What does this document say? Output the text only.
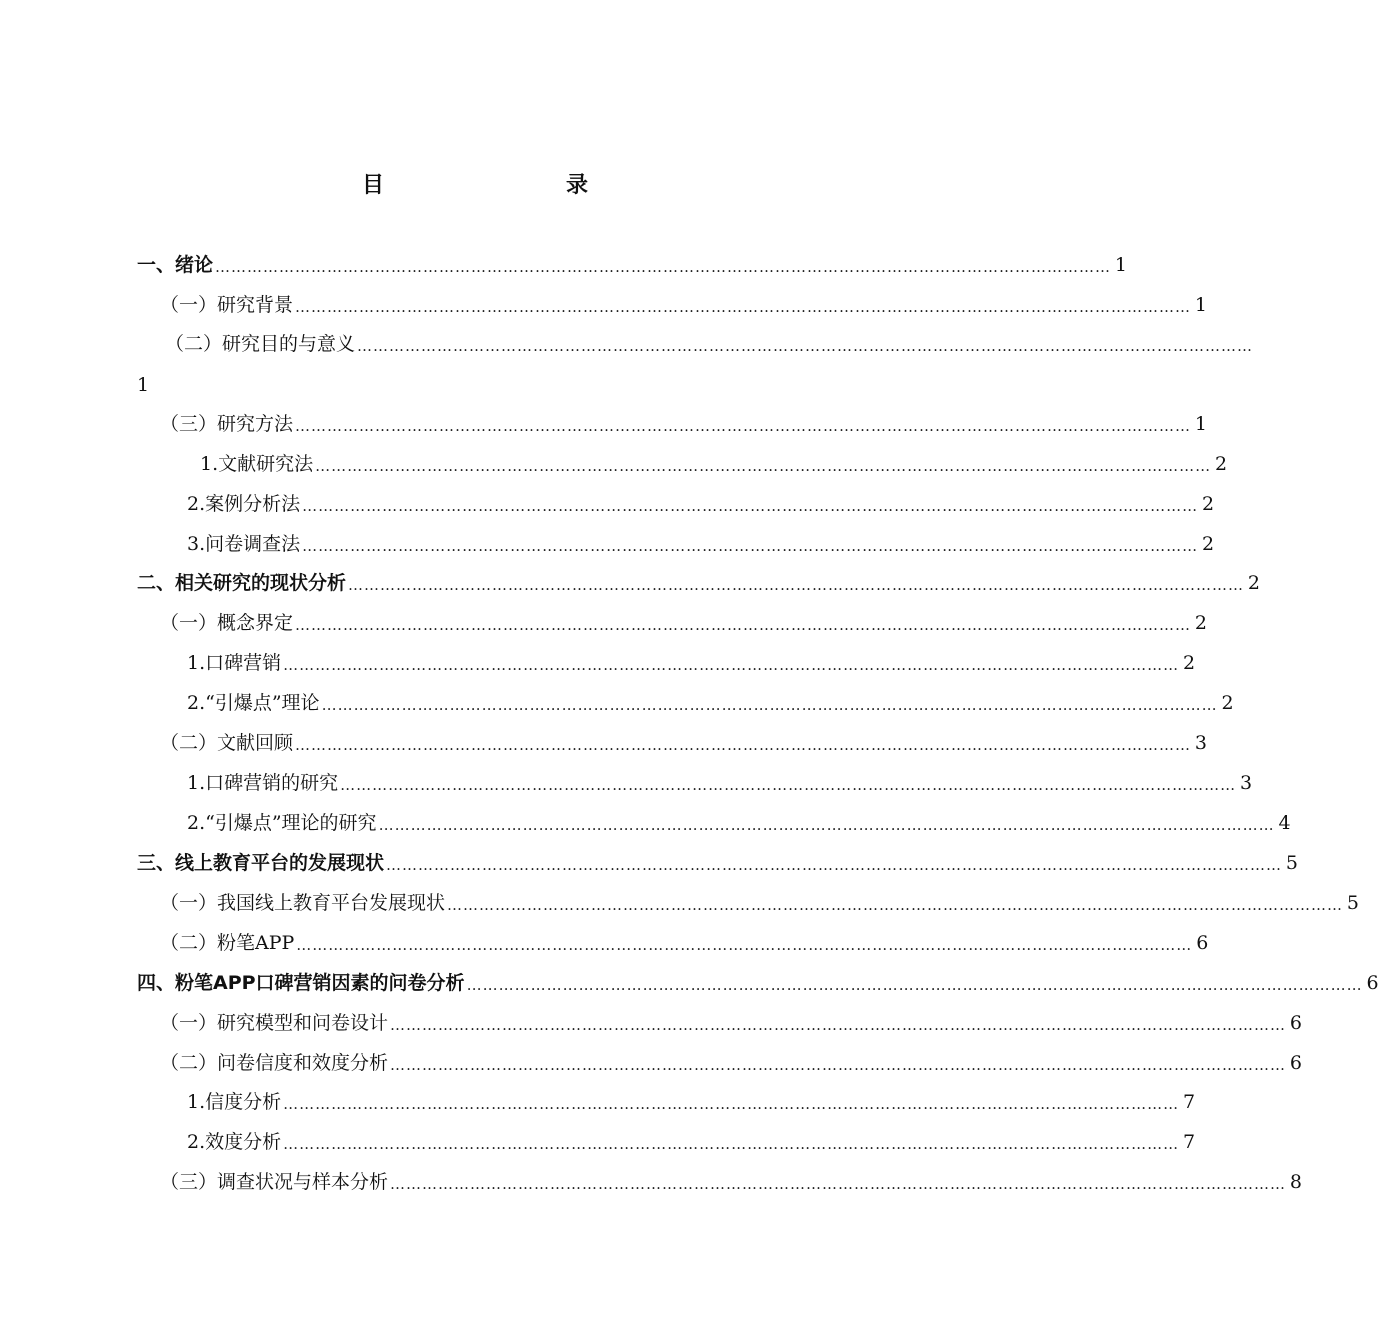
目　　录
一、绪论 …………………………………………………………………………………………………………………………………………………… 1
（一）研究背景 …………………………………………………………………………………………………………………………………………………… 1
（二）研究目的与意义 ……………………………………………………………………………………………………………………………………………………
1
（三）研究方法 …………………………………………………………………………………………………………………………………………………… 1
1.文献研究法 …………………………………………………………………………………………………………………………………………………… 2
2.案例分析法 …………………………………………………………………………………………………………………………………………………… 2
3.问卷调查法 …………………………………………………………………………………………………………………………………………………… 2
二、相关研究的现状分析 …………………………………………………………………………………………………………………………………………………… 2
（一）概念界定 …………………………………………………………………………………………………………………………………………………… 2
1.口碑营销 …………………………………………………………………………………………………………………………………………………… 2
2.“引爆点”理论 …………………………………………………………………………………………………………………………………………………… 2
（二）文献回顾 …………………………………………………………………………………………………………………………………………………… 3
1.口碑营销的研究 …………………………………………………………………………………………………………………………………………………… 3
2.“引爆点”理论的研究 …………………………………………………………………………………………………………………………………………………… 4
三、线上教育平台的发展现状 …………………………………………………………………………………………………………………………………………………… 5
（一）我国线上教育平台发展现状 …………………………………………………………………………………………………………………………………………………… 5
（二）粉笔APP …………………………………………………………………………………………………………………………………………………… 6
四、粉笔APP口碑营销因素的问卷分析 …………………………………………………………………………………………………………………………………………………… 6
（一）研究模型和问卷设计 …………………………………………………………………………………………………………………………………………………… 6
（二）问卷信度和效度分析 …………………………………………………………………………………………………………………………………………………… 6
1.信度分析 …………………………………………………………………………………………………………………………………………………… 7
2.效度分析 …………………………………………………………………………………………………………………………………………………… 7
（三）调查状况与样本分析 …………………………………………………………………………………………………………………………………………………… 8
